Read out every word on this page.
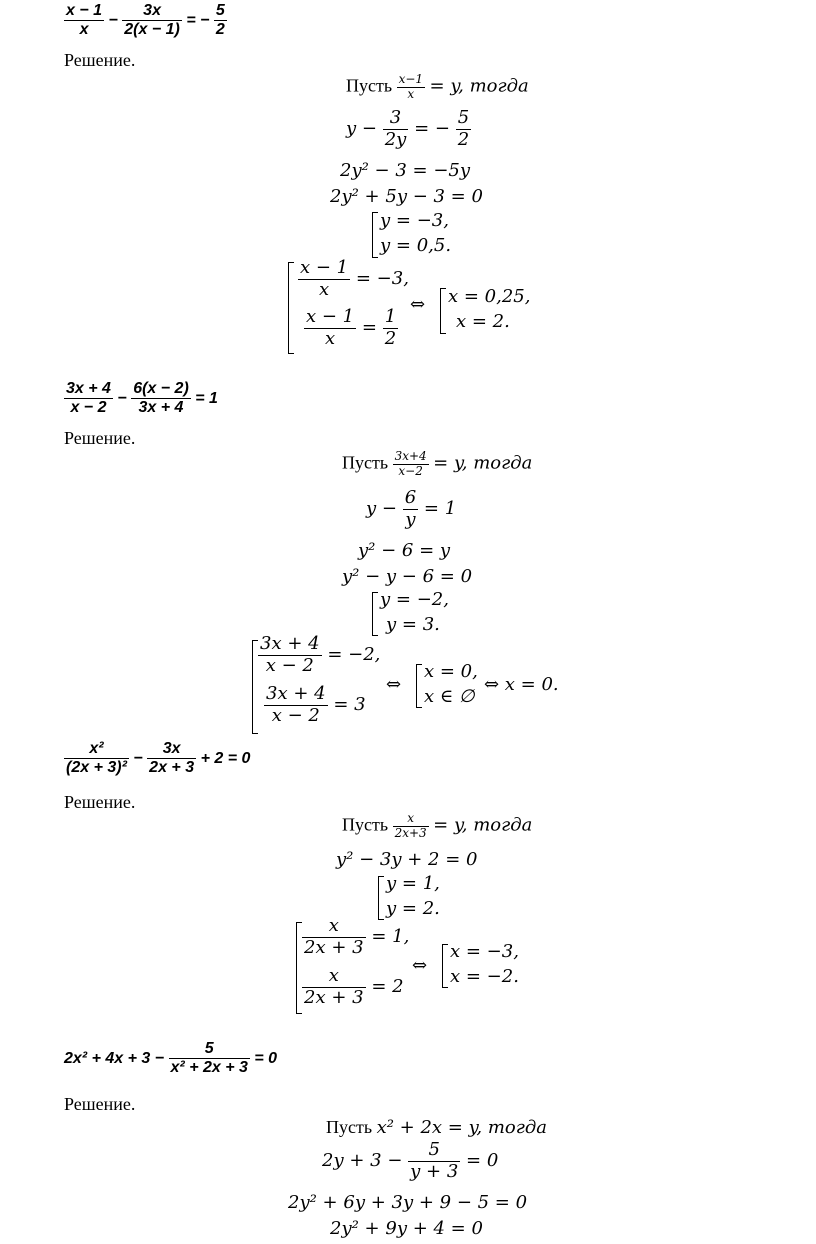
$\frac{x - 1}{x} - \frac{3x}{2(x - 1)}$ = − $\frac{5}{2}$
Решение.
Пусть $\frac{x-1}{x} = y$, тогда
$y - \frac{3}{2y}$ = − $\frac{5}{2}$
2y² − 3 = −5y
2y² + 5y − 3 = 0
y = −3,
y = 0,5.
$\frac{x - 1}{x} = -3$,
$\frac{x - 1}{x} = \frac{1}{2}$
⇔ x = 0,25,
x = 2.
$\frac{3x + 4}{x - 2} - \frac{6(x - 2)}{3x + 4} = 1$
Решение.
Пусть $\frac{3x+4}{x-2} = y$, тогда
$y - \frac{6}{y} = 1$
y² − 6 = y
y² − y − 6 = 0
y = −2,
y = 3.
$\frac{3x + 4}{x - 2} = -2$,
$\frac{3x + 4}{x - 2} = 3$
⇔
x = 0,
x ∈ ∅
⇔ x = 0.
$\frac{\text{x²}}{\text{(2x + 3)²}} - \frac{3x}{2x + 3} + 2 = 0$
Решение.
Пусть $\frac{x}{2x+3} = y$, тогда
y² − 3y + 2 = 0
y = 1,
y = 2.
$\frac{x}{2x + 3} = 1$,
$\frac{x}{2x + 3} = 2$
⇔
x = −3,
x = −2.
$2x^2 + 4x + 3 - \frac{5}{\text{x² + 2x + 3}} = 0$
Решение.
Пусть x² + 2x = y, тогда
$2y + 3 - \frac{5}{y + 3} = 0$
2y² + 6y + 3y + 9 − 5 = 0
2y² + 9y + 4 = 0
